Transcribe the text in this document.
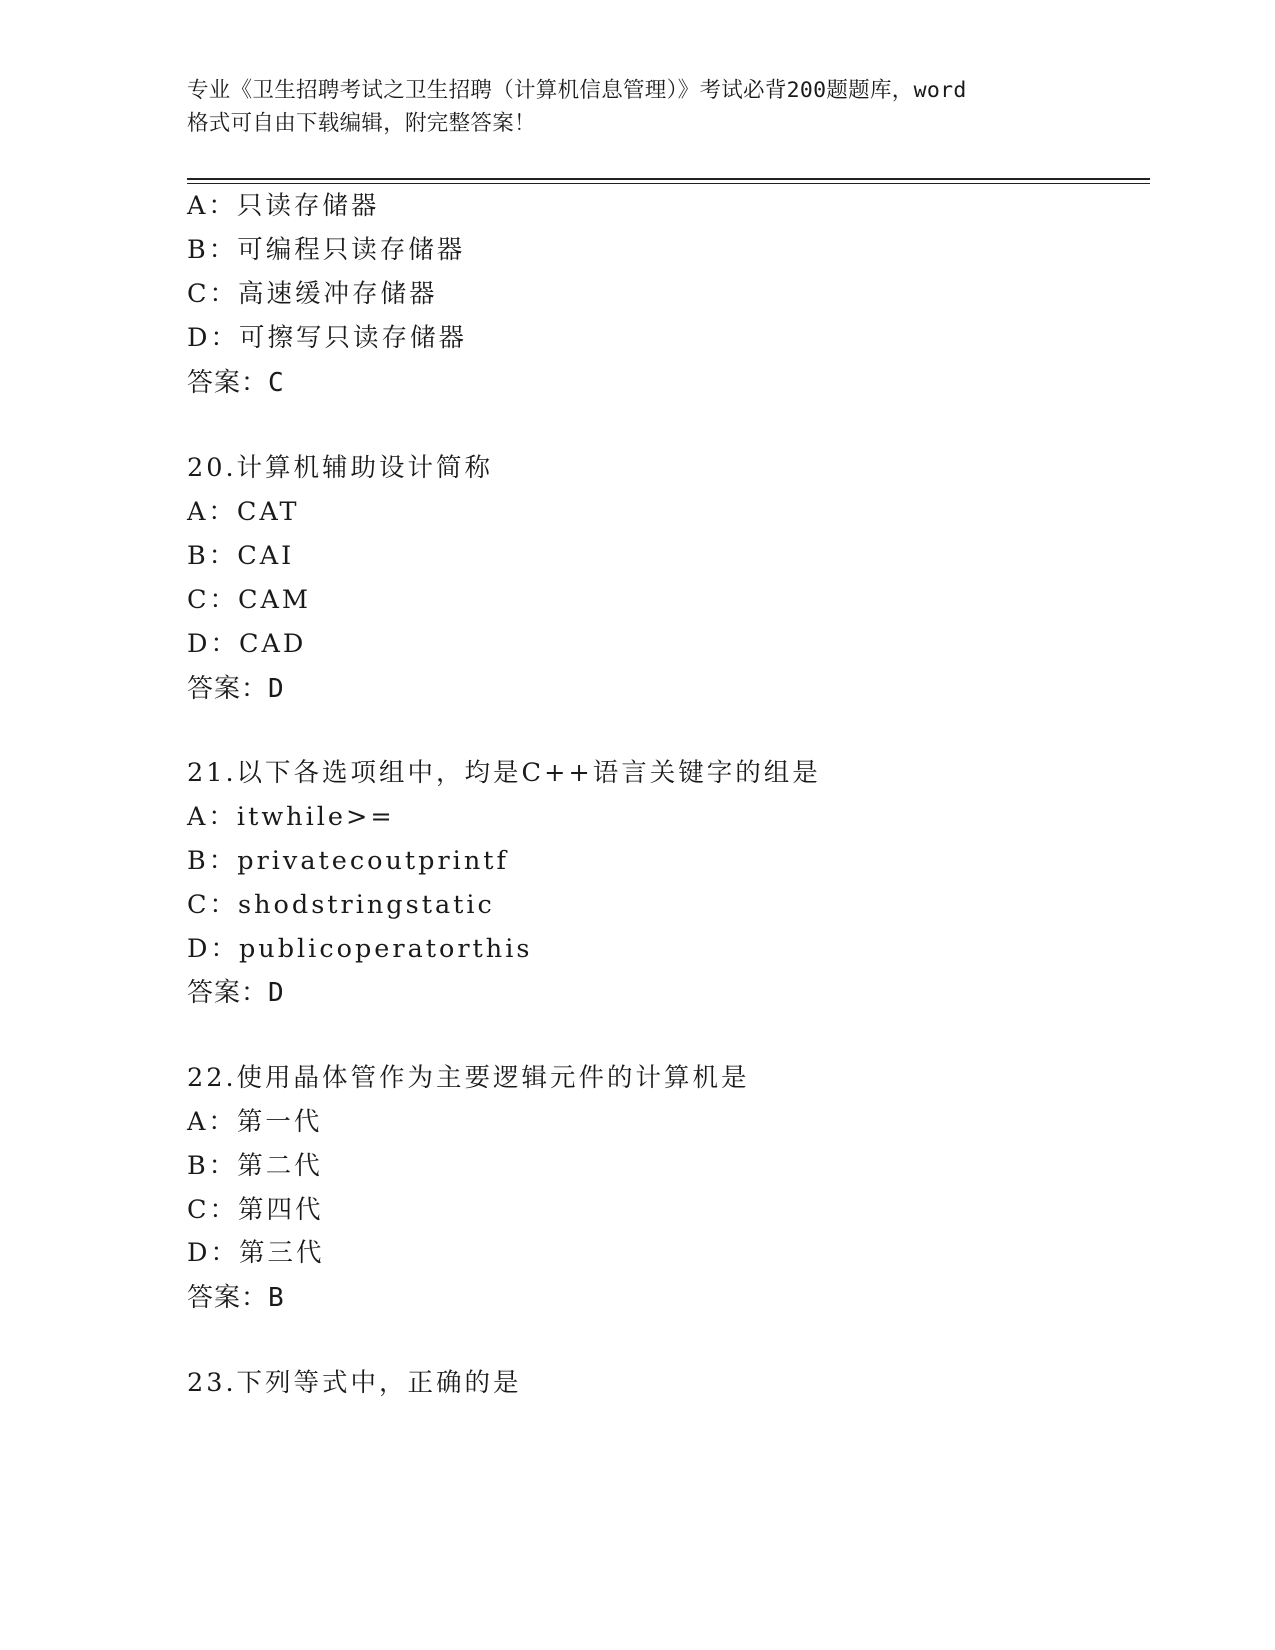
专业《卫生招聘考试之卫生招聘（计算机信息管理）》考试必背200题题库，word
格式可自由下载编辑，附完整答案！
A：只读存储器
B：可编程只读存储器
C：高速缓冲存储器
D：可擦写只读存储器
答案：C
20.计算机辅助设计简称
A：CAT
B：CAI
C：CAM
D：CAD
答案：D
21.以下各选项组中，均是C++语言关键字的组是
A：itwhile>=
B：privatecoutprintf
C：shodstringstatic
D：publicoperatorthis
答案：D
22.使用晶体管作为主要逻辑元件的计算机是
A：第一代
B：第二代
C：第四代
D：第三代
答案：B
23.下列等式中，正确的是
